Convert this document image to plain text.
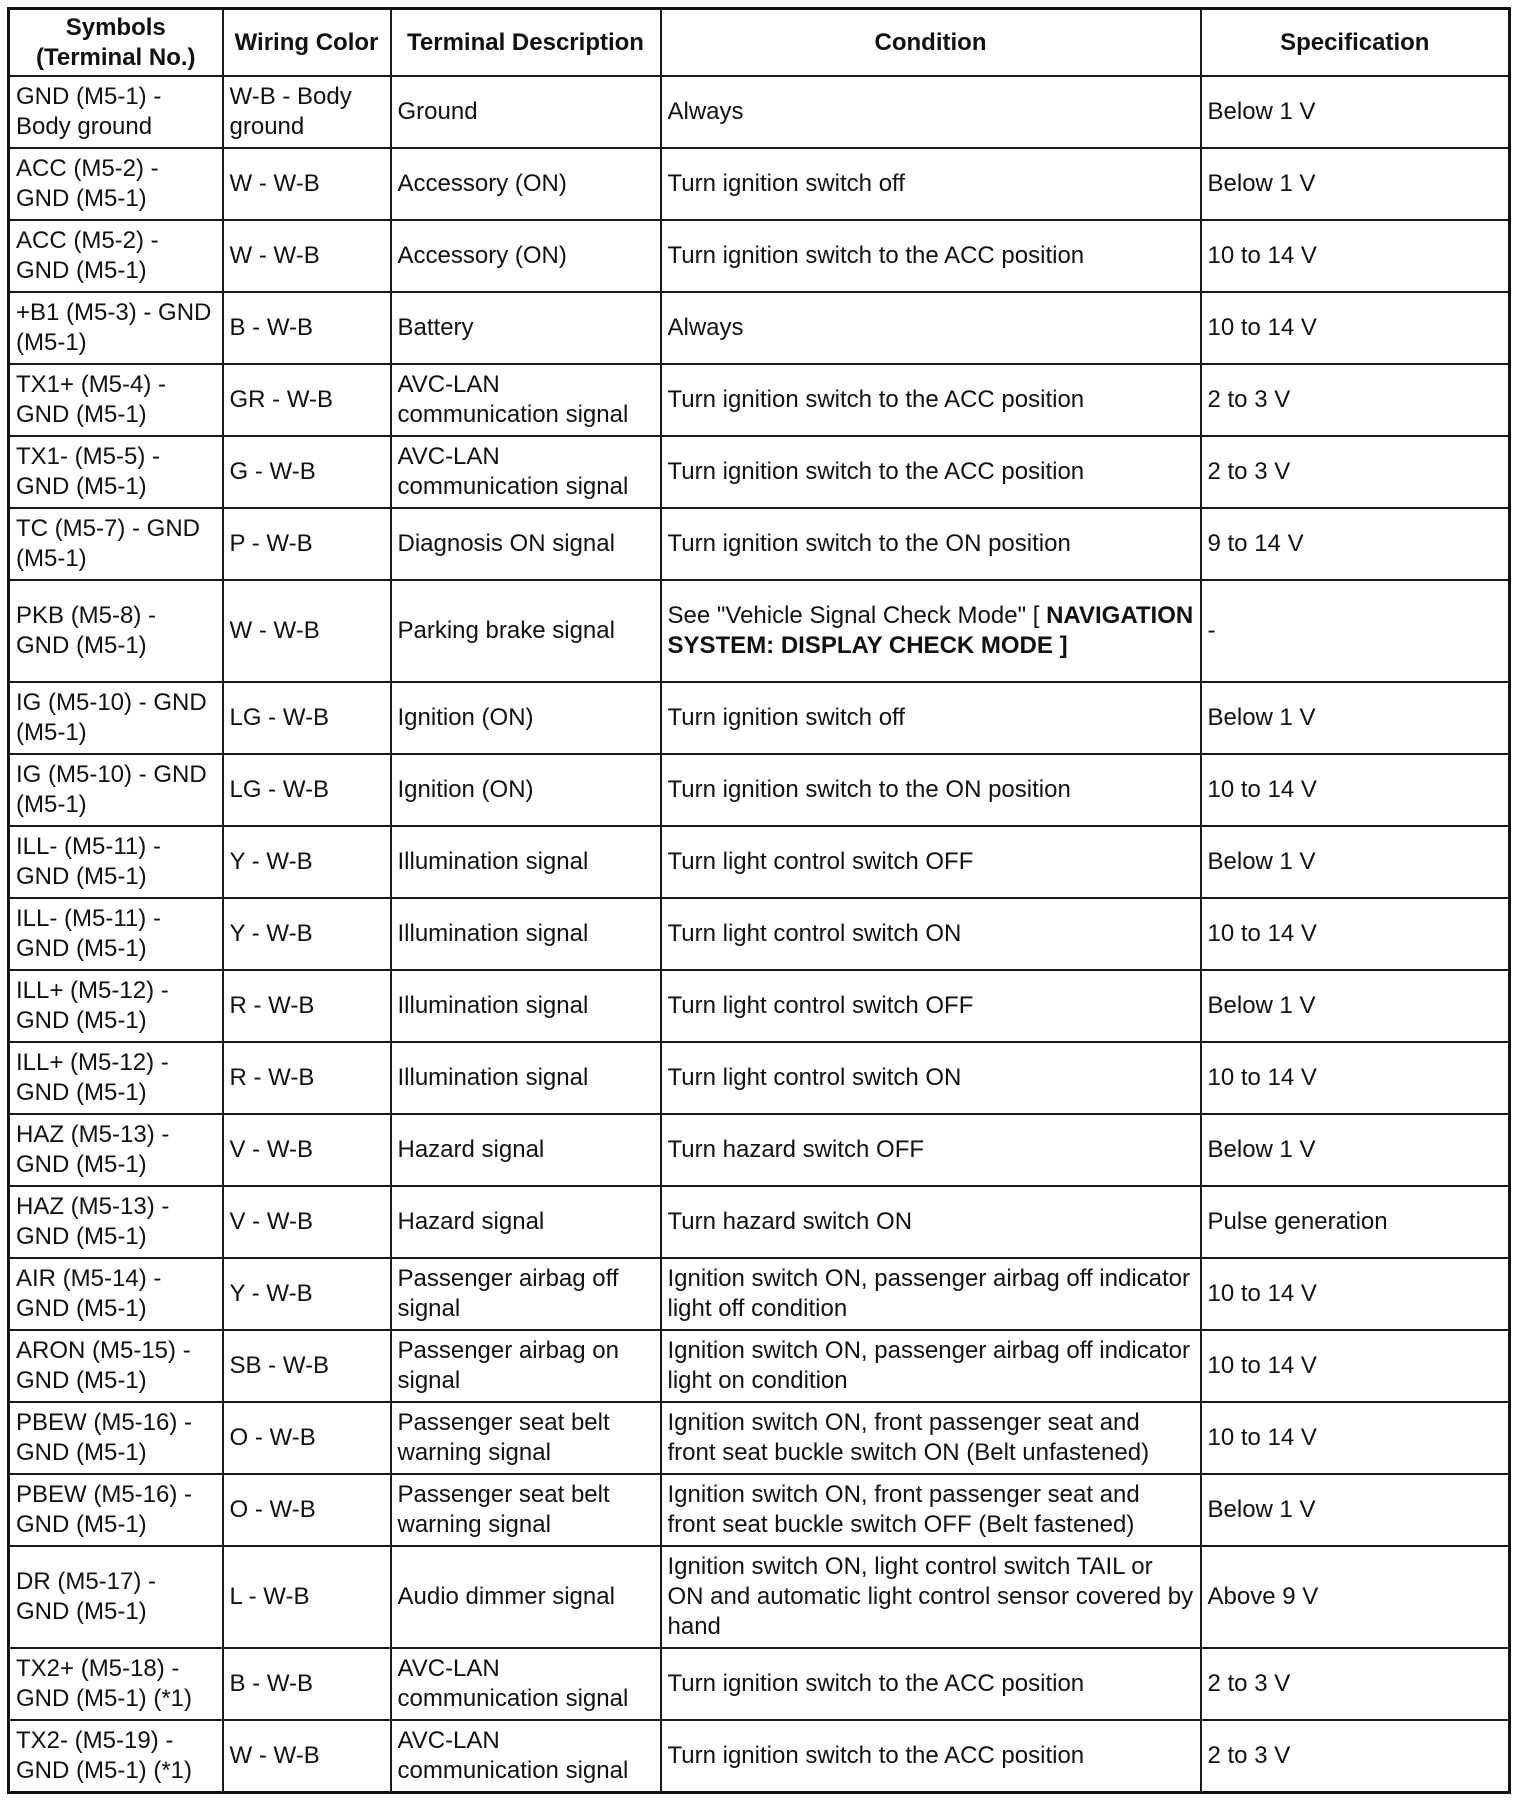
Symbols (Terminal No.)	Wiring Color	Terminal Description	Condition	Specification
GND (M5-1) - Body ground	W-B - Body ground	Ground	Always	Below 1 V
ACC (M5-2) - GND (M5-1)	W - W-B	Accessory (ON)	Turn ignition switch off	Below 1 V
ACC (M5-2) - GND (M5-1)	W - W-B	Accessory (ON)	Turn ignition switch to the ACC position	10 to 14 V
+B1 (M5-3) - GND (M5-1)	B - W-B	Battery	Always	10 to 14 V
TX1+ (M5-4) - GND (M5-1)	GR - W-B	AVC-LAN communication signal	Turn ignition switch to the ACC position	2 to 3 V
TX1- (M5-5) - GND (M5-1)	G - W-B	AVC-LAN communication signal	Turn ignition switch to the ACC position	2 to 3 V
TC (M5-7) - GND (M5-1)	P - W-B	Diagnosis ON signal	Turn ignition switch to the ON position	9 to 14 V
PKB (M5-8) - GND (M5-1)	W - W-B	Parking brake signal	See "Vehicle Signal Check Mode" [ NAVIGATION SYSTEM: DISPLAY CHECK MODE ]	-
IG (M5-10) - GND (M5-1)	LG - W-B	Ignition (ON)	Turn ignition switch off	Below 1 V
IG (M5-10) - GND (M5-1)	LG - W-B	Ignition (ON)	Turn ignition switch to the ON position	10 to 14 V
ILL- (M5-11) - GND (M5-1)	Y - W-B	Illumination signal	Turn light control switch OFF	Below 1 V
ILL- (M5-11) - GND (M5-1)	Y - W-B	Illumination signal	Turn light control switch ON	10 to 14 V
ILL+ (M5-12) - GND (M5-1)	R - W-B	Illumination signal	Turn light control switch OFF	Below 1 V
ILL+ (M5-12) - GND (M5-1)	R - W-B	Illumination signal	Turn light control switch ON	10 to 14 V
HAZ (M5-13) - GND (M5-1)	V - W-B	Hazard signal	Turn hazard switch OFF	Below 1 V
HAZ (M5-13) - GND (M5-1)	V - W-B	Hazard signal	Turn hazard switch ON	Pulse generation
AIR (M5-14) - GND (M5-1)	Y - W-B	Passenger airbag off signal	Ignition switch ON, passenger airbag off indicator light off condition	10 to 14 V
ARON (M5-15) - GND (M5-1)	SB - W-B	Passenger airbag on signal	Ignition switch ON, passenger airbag off indicator light on condition	10 to 14 V
PBEW (M5-16) - GND (M5-1)	O - W-B	Passenger seat belt warning signal	Ignition switch ON, front passenger seat and front seat buckle switch ON (Belt unfastened)	10 to 14 V
PBEW (M5-16) - GND (M5-1)	O - W-B	Passenger seat belt warning signal	Ignition switch ON, front passenger seat and front seat buckle switch OFF (Belt fastened)	Below 1 V
DR (M5-17) - GND (M5-1)	L - W-B	Audio dimmer signal	Ignition switch ON, light control switch TAIL or ON and automatic light control sensor covered by hand	Above 9 V
TX2+ (M5-18) - GND (M5-1) (*1)	B - W-B	AVC-LAN communication signal	Turn ignition switch to the ACC position	2 to 3 V
TX2- (M5-19) - GND (M5-1) (*1)	W - W-B	AVC-LAN communication signal	Turn ignition switch to the ACC position	2 to 3 V
